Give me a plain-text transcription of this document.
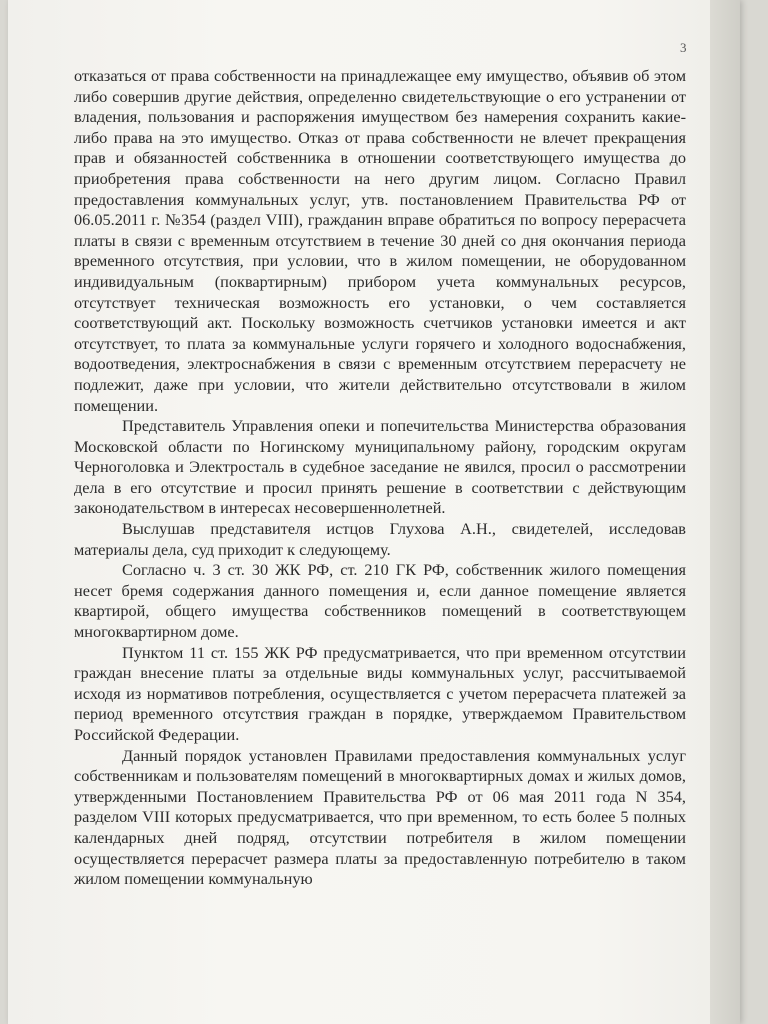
3

отказаться от права собственности на принадлежащее ему имущество, объявив об этом либо совершив другие действия, определенно свидетельствующие о его устранении от владения, пользования и распоряжения имуществом без намерения сохранить какие-либо права на это имущество. Отказ от права собственности не влечет прекращения прав и обязанностей собственника в отношении соответствующего имущества до приобретения права собственности на него другим лицом. Согласно Правил предоставления коммунальных услуг, утв. постановлением Правительства РФ от 06.05.2011 г. №354 (раздел VIII), гражданин вправе обратиться по вопросу перерасчета платы в связи с временным отсутствием в течение 30 дней со дня окончания периода временного отсутствия, при условии, что в жилом помещении, не оборудованном индивидуальным (поквартирным) прибором учета коммунальных ресурсов, отсутствует техническая возможность его установки, о чем составляется соответствующий акт. Поскольку возможность счетчиков установки имеется и акт отсутствует, то плата за коммунальные услуги горячего и холодного водоснабжения, водоотведения, электроснабжения в связи с временным отсутствием перерасчету не подлежит, даже при условии, что жители действительно отсутствовали в жилом помещении.

Представитель Управления опеки и попечительства Министерства образования Московской области по Ногинскому муниципальному району, городским округам Черноголовка и Электросталь в судебное заседание не явился, просил о рассмотрении дела в его отсутствие и просил принять решение в соответствии с действующим законодательством в интересах несовершеннолетней.

Выслушав представителя истцов Глухова А.Н., свидетелей, исследовав материалы дела, суд приходит к следующему.

Согласно ч. 3 ст. 30 ЖК РФ, ст. 210 ГК РФ, собственник жилого помещения несет бремя содержания данного помещения и, если данное помещение является квартирой, общего имущества собственников помещений в соответствующем многоквартирном доме.

Пунктом 11 ст. 155 ЖК РФ предусматривается, что при временном отсутствии граждан внесение платы за отдельные виды коммунальных услуг, рассчитываемой исходя из нормативов потребления, осуществляется с учетом перерасчета платежей за период временного отсутствия граждан в порядке, утверждаемом Правительством Российской Федерации.

Данный порядок установлен Правилами предоставления коммунальных услуг собственникам и пользователям помещений в многоквартирных домах и жилых домов, утвержденными Постановлением Правительства РФ от 06 мая 2011 года N 354, разделом VIII которых предусматривается, что при временном, то есть более 5 полных календарных дней подряд, отсутствии потребителя в жилом помещении осуществляется перерасчет размера платы за предоставленную потребителю в таком жилом помещении коммунальную
